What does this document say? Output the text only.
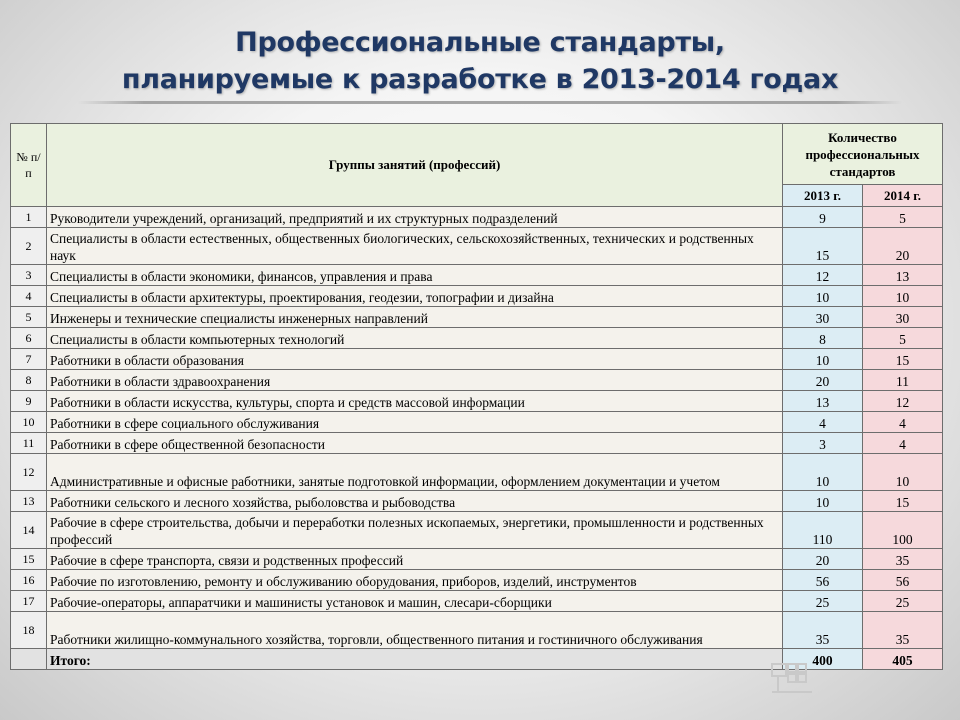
Профессиональные стандарты,
планируемые к разработке в 2013-2014 годах
№ п/п	Группы занятий (профессий)	Количество профессиональных стандартов	
		2013 г.	2014 г.
1	Руководители учреждений, организаций, предприятий и их структурных подразделений	9	5
2	Специалисты в области естественных, общественных биологических, сельскохозяйственных, технических и родственных наук	15	20
3	Специалисты в области экономики, финансов, управления и права	12	13
4	Специалисты в области архитектуры, проектирования, геодезии, топографии и дизайна	10	10
5	Инженеры и технические специалисты инженерных направлений	30	30
6	Специалисты в области компьютерных технологий	8	5
7	Работники в области образования	10	15
8	Работники в области здравоохранения	20	11
9	Работники в области искусства, культуры, спорта и средств массовой информации	13	12
10	Работники в сфере социального обслуживания	4	4
11	Работники в сфере общественной безопасности	3	4
12	Административные и офисные работники, занятые подготовкой информации, оформлением документации и учетом	10	10
13	Работники сельского и лесного хозяйства, рыболовства и рыбоводства	10	15
14	Рабочие в сфере строительства, добычи и переработки полезных ископаемых, энергетики, промышленности и родственных профессий	110	100
15	Рабочие в сфере транспорта, связи и родственных профессий	20	35
16	Рабочие по изготовлению, ремонту и обслуживанию оборудования, приборов, изделий, инструментов	56	56
17	Рабочие-операторы, аппаратчики и машинисты установок и машин, слесари-сборщики	25	25
18	Работники жилищно-коммунального хозяйства, торговли, общественного питания и гостиничного обслуживания	35	35
	Итого:	400	405
